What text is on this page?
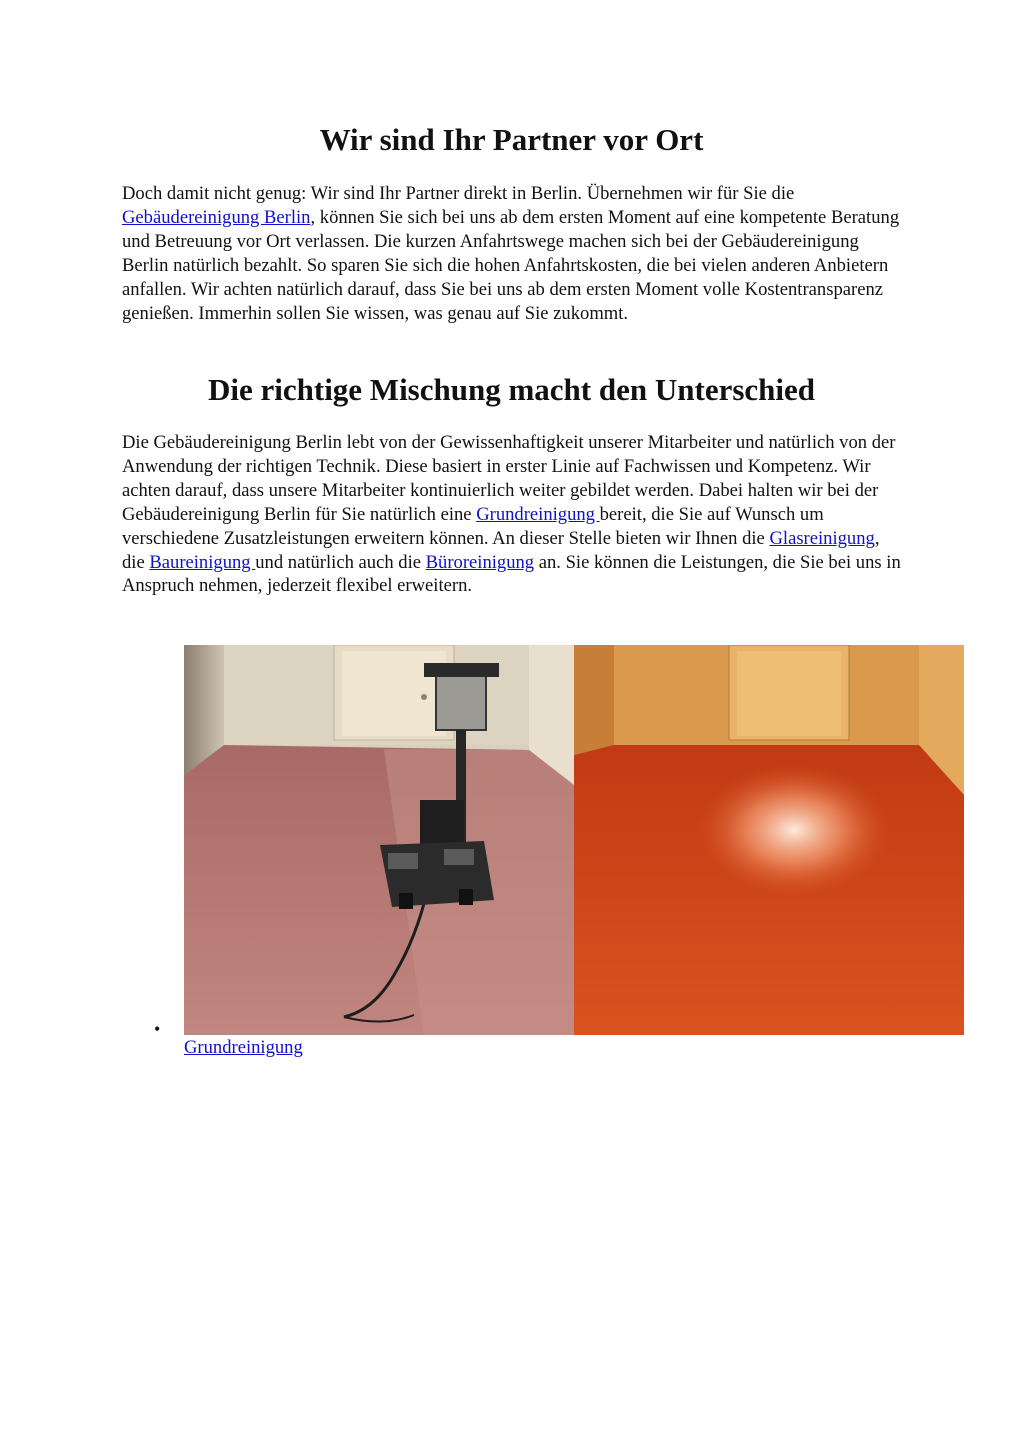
Wir sind Ihr Partner vor Ort

Doch damit nicht genug: Wir sind Ihr Partner direkt in Berlin. Übernehmen wir für Sie die Gebäudereinigung Berlin, können Sie sich bei uns ab dem ersten Moment auf eine kompetente Beratung und Betreuung vor Ort verlassen. Die kurzen Anfahrtswege machen sich bei der Gebäudereinigung Berlin natürlich bezahlt. So sparen Sie sich die hohen Anfahrtskosten, die bei vielen anderen Anbietern anfallen. Wir achten natürlich darauf, dass Sie bei uns ab dem ersten Moment volle Kostentransparenz genießen. Immerhin sollen Sie wissen, was genau auf Sie zukommt.

Die richtige Mischung macht den Unterschied

Die Gebäudereinigung Berlin lebt von der Gewissenhaftigkeit unserer Mitarbeiter und natürlich von der Anwendung der richtigen Technik. Diese basiert in erster Linie auf Fachwissen und Kompetenz. Wir achten darauf, dass unsere Mitarbeiter kontinuierlich weiter gebildet werden. Dabei halten wir bei der Gebäudereinigung Berlin für Sie natürlich eine Grundreinigung bereit, die Sie auf Wunsch um verschiedene Zusatzleistungen erweitern können. An dieser Stelle bieten wir Ihnen die Glasreinigung, die Baureinigung und natürlich auch die Büroreinigung an. Sie können die Leistungen, die Sie bei uns in Anspruch nehmen, jederzeit flexibel erweitern.

•
Grundreinigung
